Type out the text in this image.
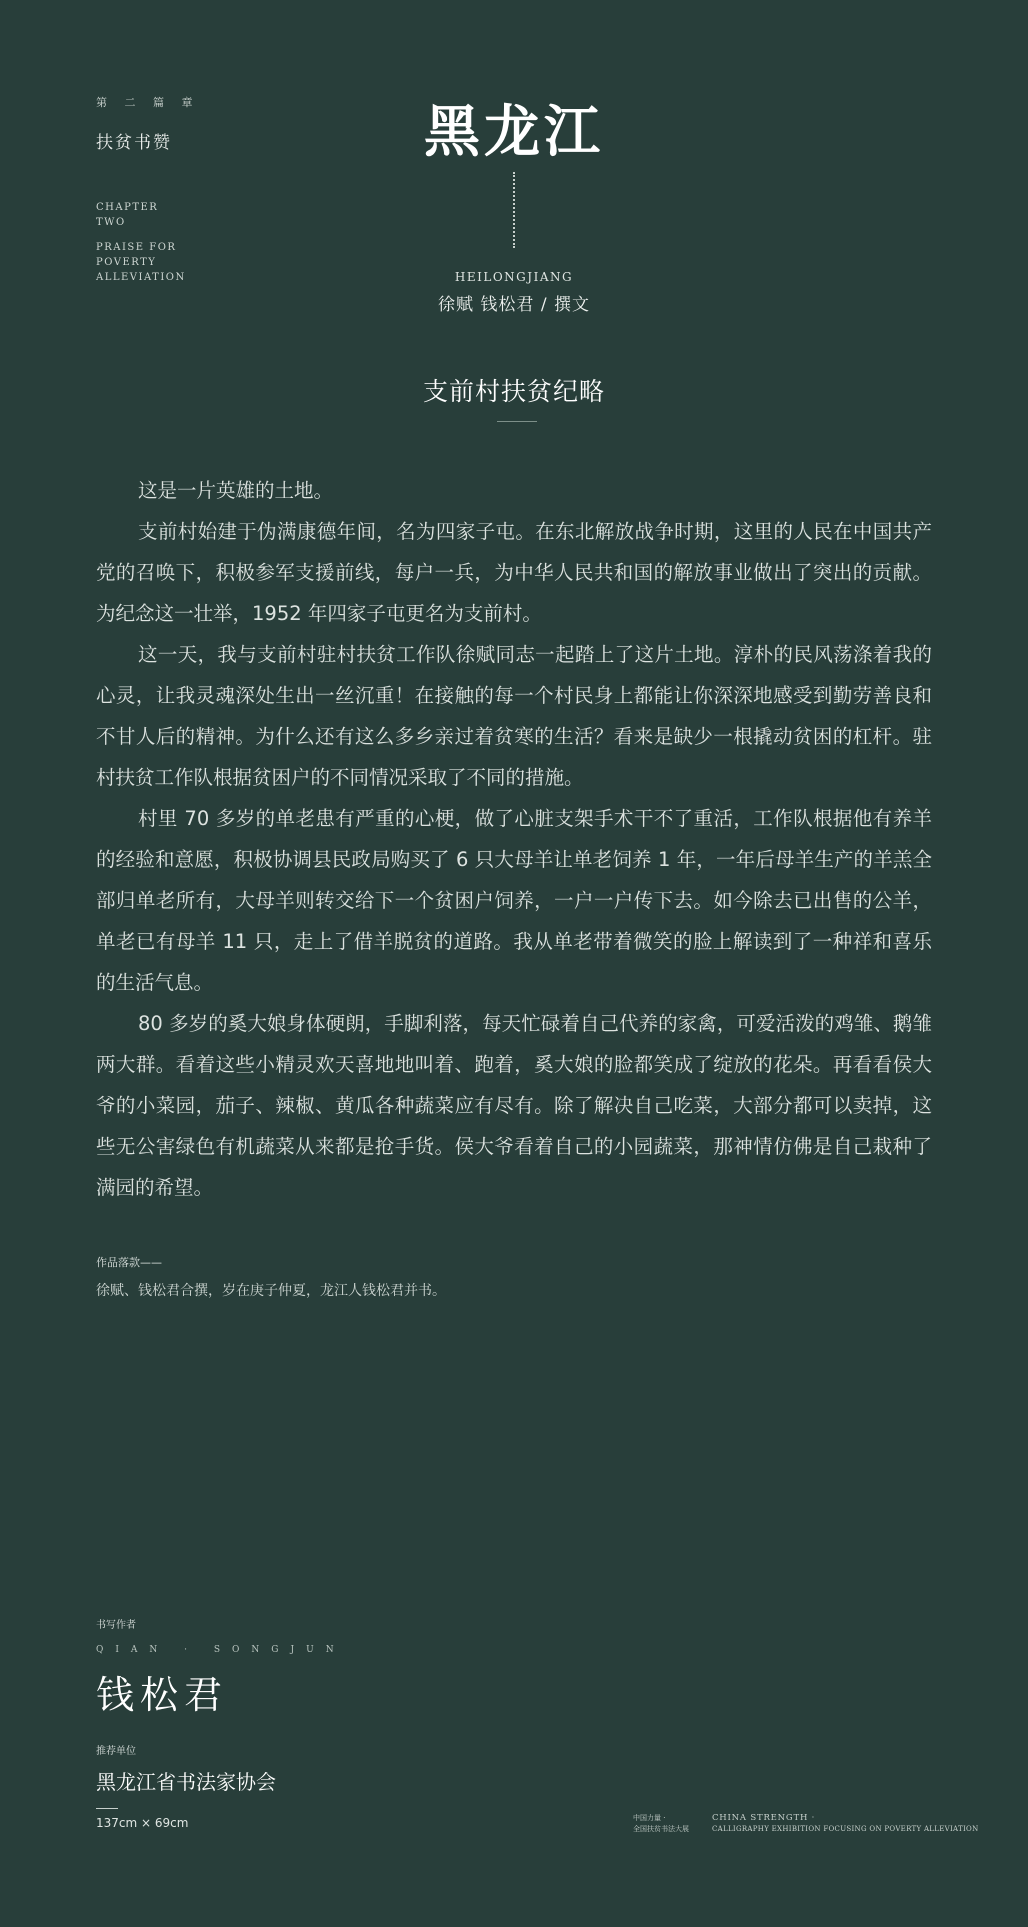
第 二 篇 章
扶贫书赞
CHAPTER
TWO
PRAISE FOR
POVERTY
ALLEVIATION
黑龙江
HEILONGJIANG
徐赋 钱松君 / 撰文
支前村扶贫纪略

这是一片英雄的土地。

支前村始建于伪满康德年间，名为四家子屯。在东北解放战争时期，这里的人民在中国共产党的召唤下，积极参军支援前线，每户一兵，为中华人民共和国的解放事业做出了突出的贡献。为纪念这一壮举，1952 年四家子屯更名为支前村。

这一天，我与支前村驻村扶贫工作队徐赋同志一起踏上了这片土地。淳朴的民风荡涤着我的心灵，让我灵魂深处生出一丝沉重！在接触的每一个村民身上都能让你深深地感受到勤劳善良和不甘人后的精神。为什么还有这么多乡亲过着贫寒的生活？看来是缺少一根撬动贫困的杠杆。驻村扶贫工作队根据贫困户的不同情况采取了不同的措施。

村里 70 多岁的单老患有严重的心梗，做了心脏支架手术干不了重活，工作队根据他有养羊的经验和意愿，积极协调县民政局购买了 6 只大母羊让单老饲养 1 年，一年后母羊生产的羊羔全部归单老所有，大母羊则转交给下一个贫困户饲养，一户一户传下去。如今除去已出售的公羊，单老已有母羊 11 只，走上了借羊脱贫的道路。我从单老带着微笑的脸上解读到了一种祥和喜乐的生活气息。

80 多岁的奚大娘身体硬朗，手脚利落，每天忙碌着自己代养的家禽，可爱活泼的鸡雏、鹅雏两大群。看着这些小精灵欢天喜地地叫着、跑着，奚大娘的脸都笑成了绽放的花朵。再看看侯大爷的小菜园，茄子、辣椒、黄瓜各种蔬菜应有尽有。除了解决自己吃菜，大部分都可以卖掉，这些无公害绿色有机蔬菜从来都是抢手货。侯大爷看着自己的小园蔬菜，那神情仿佛是自己栽种了满园的希望。

作品落款——
徐赋、钱松君合撰，岁在庚子仲夏，龙江人钱松君并书。
书写作者
QIAN · SONGJUN
钱松君
推荐单位
黑龙江省书法家协会
137cm × 69cm	中国力量 ·
全国扶贫书法大展
CHINA STRENGTH ·
CALLIGRAPHY EXHIBITION FOCUSING ON POVERTY ALLEVIATION
